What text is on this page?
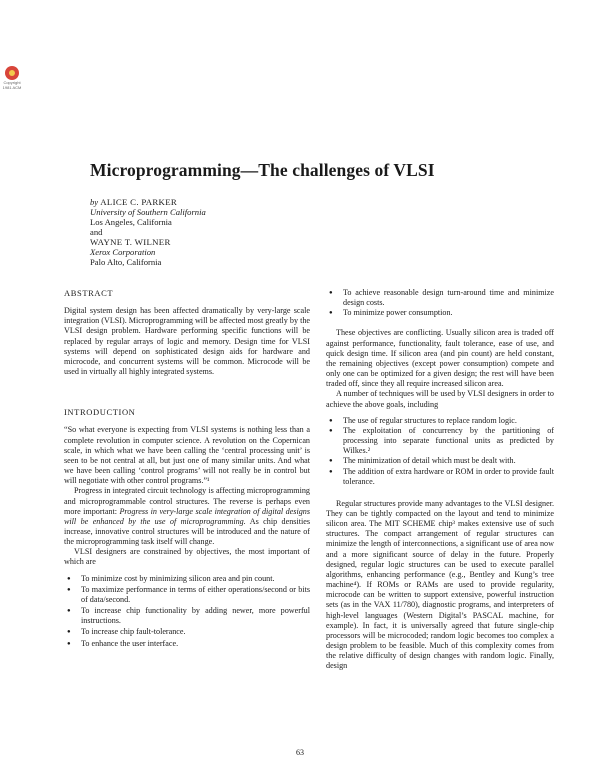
Copyright 1981 ACM
Microprogramming—The challenges of VLSI
by ALICE C. PARKER
University of Southern California
Los Angeles, California
and
WAYNE T. WILNER
Xerox Corporation
Palo Alto, California
ABSTRACT

Digital system design has been affected dramatically by very-large scale integration (VLSI). Microprogramming will be affected most greatly by the VLSI design problem. Hardware performing specific functions will be replaced by regular arrays of logic and memory. Design time for VLSI systems will depend on sophisticated design aids for hardware and microcode, and concurrent systems will be common. Microcode will be used in virtually all highly integrated systems.

INTRODUCTION

“So what everyone is expecting from VLSI systems is nothing less than a complete revolution in computer science. A revolution on the Copernican scale, in which what we have been calling the ‘central processing unit’ is seen to be not central at all, but just one of many similar units. And what we have been calling ‘control programs’ will not really be in control but will negotiate with other control programs.”¹

Progress in integrated circuit technology is affecting microprogramming and microprogrammable control structures. The reverse is perhaps even more important: Progress in very-large scale integration of digital designs will be enhanced by the use of microprogramming. As chip densities increase, innovative control structures will be introduced and the nature of the microprogramming task itself will change.

VLSI designers are constrained by objectives, the most important of which are

● To minimize cost by minimizing silicon area and pin count.
● To maximize performance in terms of either operations/second or bits of data/second.
● To increase chip functionality by adding newer, more powerful instructions.
● To increase chip fault-tolerance.
● To enhance the user interface.
● To achieve reasonable design turn-around time and minimize design costs.
● To minimize power consumption.

These objectives are conflicting. Usually silicon area is traded off against performance, functionality, fault tolerance, ease of use, and quick design time. If silicon area (and pin count) are held constant, the remaining objectives (except power consumption) compete and only one can be optimized for a given design; the rest will have been traded off, since they all require increased silicon area.

A number of techniques will be used by VLSI designers in order to achieve the above goals, including

● The use of regular structures to replace random logic.
● The exploitation of concurrency by the partitioning of processing into separate functional units as predicted by Wilkes.²
● The minimization of detail which must be dealt with.
● The addition of extra hardware or ROM in order to provide fault tolerance.

Regular structures provide many advantages to the VLSI designer. They can be tightly compacted on the layout and tend to minimize silicon area. The MIT SCHEME chip³ makes extensive use of such structures. The compact arrangement of regular structures can minimize the length of interconnections, a significant use of area now and a more significant source of delay in the future. Properly designed, regular logic structures can be used to execute parallel algorithms, enhancing performance (e.g., Bentley and Kung’s tree machine⁴). If ROMs or RAMs are used to provide regularity, microcode can be written to support extensive, powerful instruction sets (as in the VAX 11/780), diagnostic programs, and interpreters of high-level languages (Western Digital’s PASCAL machine, for example). In fact, it is universally agreed that future single-chip processors will be microcoded; random logic becomes too complex a design problem to be feasible. Much of this complexity comes from the relative difficulty of design changes with random logic. Finally, design

63
